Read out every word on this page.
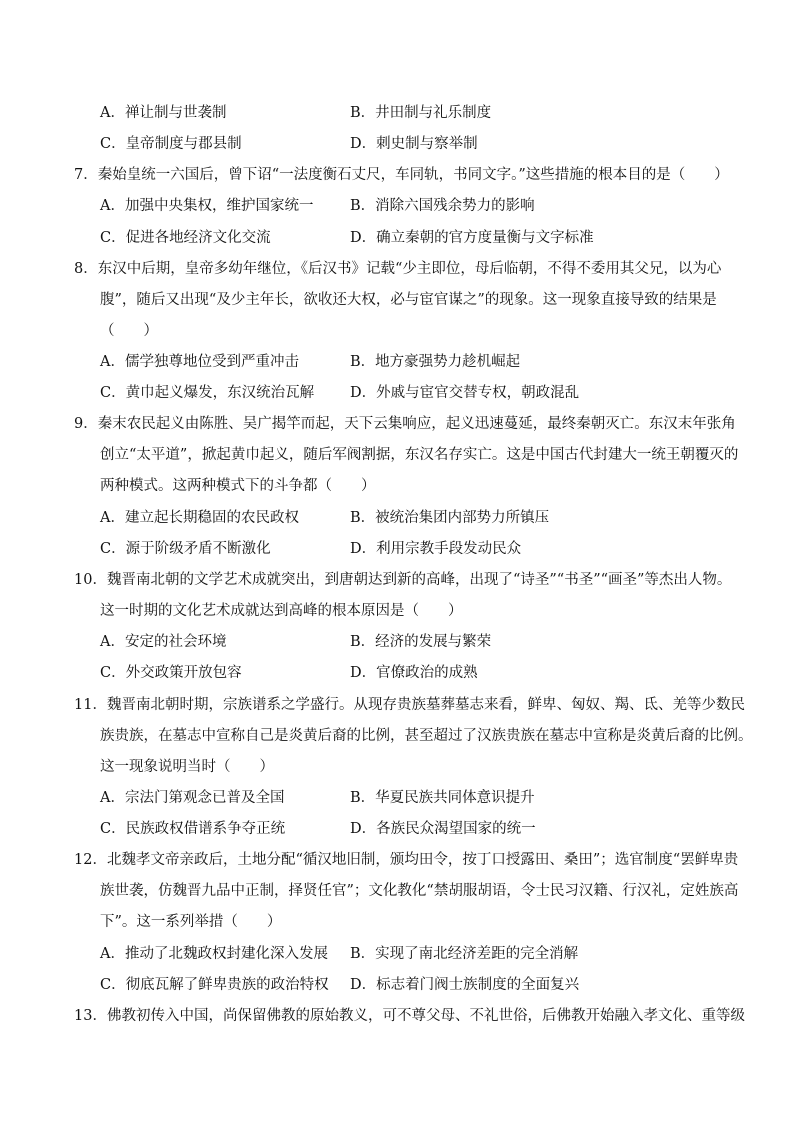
A．禅让制与世袭制	B．井田制与礼乐制度
C．皇帝制度与郡县制	D．刺史制与察举制
7．秦始皇统一六国后，曾下诏“一法度衡石丈尺，车同轨，书同文字。”这些措施的根本目的是（　　）
A．加强中央集权，维护国家统一	B．消除六国残余势力的影响
C．促进各地经济文化交流	D．确立秦朝的官方度量衡与文字标准
8．东汉中后期，皇帝多幼年继位，《后汉书》记载“少主即位，母后临朝，不得不委用其父兄，以为心
腹”，随后又出现“及少主年长，欲收还大权，必与宦官谋之”的现象。这一现象直接导致的结果是
（　　）
A．儒学独尊地位受到严重冲击	B．地方豪强势力趁机崛起
C．黄巾起义爆发，东汉统治瓦解 D．外戚与宦官交替专权，朝政混乱
9．秦末农民起义由陈胜、吴广揭竿而起，天下云集响应，起义迅速蔓延，最终秦朝灭亡。东汉末年张角
创立“太平道”，掀起黄巾起义，随后军阀割据，东汉名存实亡。这是中国古代封建大一统王朝覆灭的
两种模式。这两种模式下的斗争都（　　）
A．建立起长期稳固的农民政权	B．被统治集团内部势力所镇压
C．源于阶级矛盾不断激化	D．利用宗教手段发动民众
10．魏晋南北朝的文学艺术成就突出，到唐朝达到新的高峰，出现了“诗圣”“书圣”“画圣”等杰出人物。
这一时期的文化艺术成就达到高峰的根本原因是（　　）
A．安定的社会环境	B．经济的发展与繁荣
C．外交政策开放包容	D．官僚政治的成熟
11．魏晋南北朝时期，宗族谱系之学盛行。从现存贵族墓葬墓志来看，鲜卑、匈奴、羯、氐、羌等少数民
族贵族，在墓志中宣称自己是炎黄后裔的比例，甚至超过了汉族贵族在墓志中宣称是炎黄后裔的比例。
这一现象说明当时（　　）
A．宗法门第观念已普及全国	B．华夏民族共同体意识提升
C．民族政权借谱系争夺正统	D．各族民众渴望国家的统一
12．北魏孝文帝亲政后，土地分配“循汉地旧制，颁均田令，按丁口授露田、桑田”；选官制度“罢鲜卑贵
族世袭，仿魏晋九品中正制，择贤任官”；文化教化“禁胡服胡语，令士民习汉籍、行汉礼，定姓族高
下”。这一系列举措（　　）
A．推动了北魏政权封建化深入发展 B．实现了南北经济差距的完全消解
C．彻底瓦解了鲜卑贵族的政治特权 D．标志着门阀士族制度的全面复兴
13．佛教初传入中国，尚保留佛教的原始教义，可不尊父母、不礼世俗，后佛教开始融入孝文化、重等级
